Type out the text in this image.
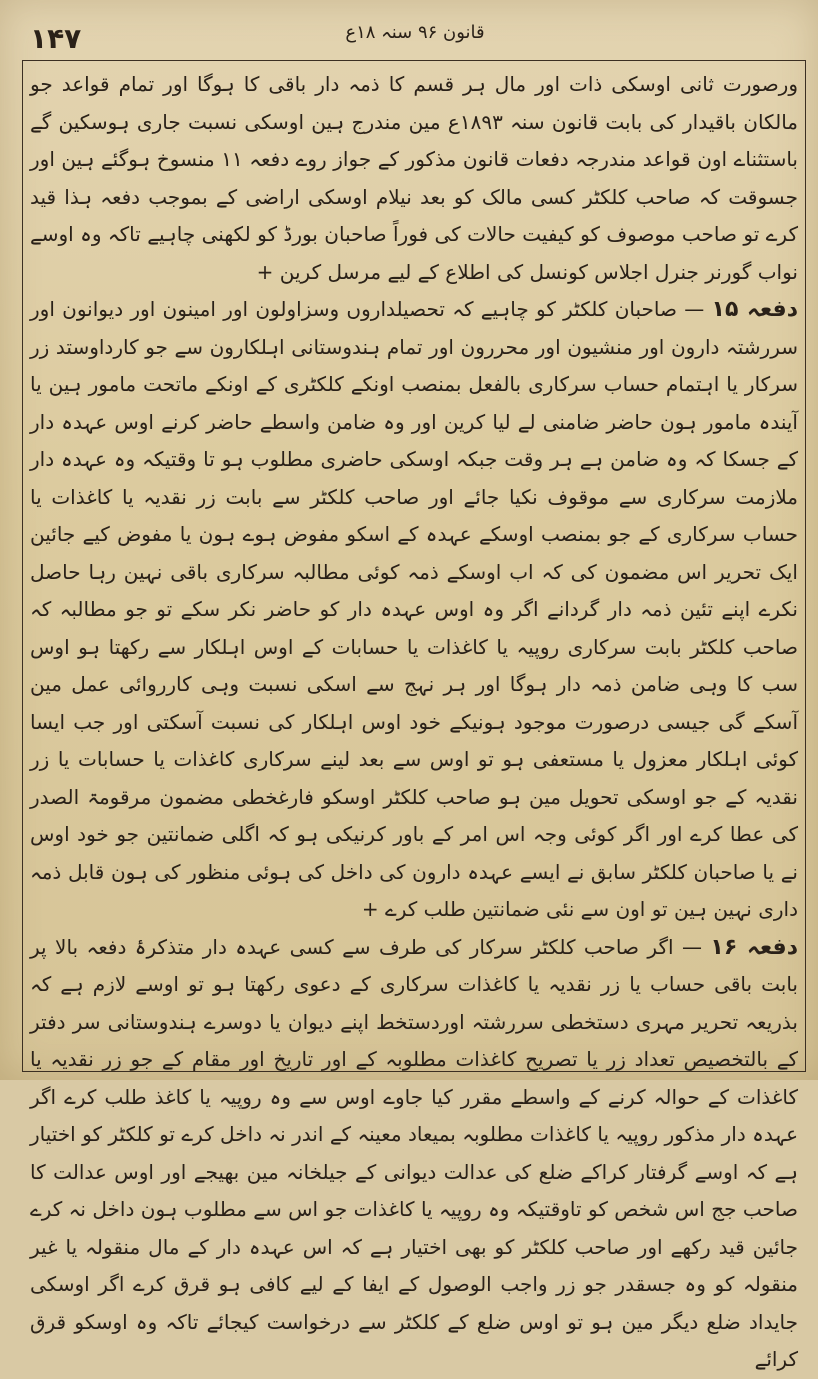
۱۴۷	قانون ۹۶ سنہ ۱۸ع

ورصورت ثانی اوسکی ذات اور مال ہر قسم کا ذمہ دار باقی کا ہوگا اور تمام قواعد جو مالکان باقیدار کی بابت قانون سنہ ۱۸۹۳ع مین مندرج ہین اوسکی نسبت جاری ہوسکین گے باستثناے اون قواعد مندرجہ دفعات قانون مذکور کے جواز روے دفعہ ۱۱ منسوخ ہوگئے ہین اور جسوقت کہ صاحب کلکٹر کسی مالک کو بعد نیلام اوسکی اراضی کے بموجب دفعہ ہذا قید کرے تو صاحب موصوف کو کیفیت حالات کی فوراً صاحبان بورڈ کو لکھنی چاہیے تاکہ وہ اوسے نواب گورنر جنرل اجلاس کونسل کی اطلاع کے لیے مرسل کرین +

دفعہ ۱۵ — صاحبان کلکٹر کو چاہیے کہ تحصیلداروں وسزاولون اور امینون اور دیوانون اور سررشتہ دارون اور منشیون اور محررون اور تمام ہندوستانی اہلکارون سے جو کارداوستد زر سرکار یا اہتمام حساب سرکاری بالفعل بمنصب اونکے کلکٹری کے اونکے ماتحت مامور ہین یا آیندہ مامور ہون حاضر ضامنی لے لیا کرین اور وہ ضامن واسطے حاضر کرنے اوس عہدہ دار کے جسکا کہ وہ ضامن ہے ہر وقت جبکہ اوسکی حاضری مطلوب ہو تا وقتیکہ وہ عہدہ دار ملازمت سرکاری سے موقوف نکیا جائے اور صاحب کلکٹر سے بابت زر نقدیہ یا کاغذات یا حساب سرکاری کے جو بمنصب اوسکے عہدہ کے اسکو مفوض ہوے ہون یا مفوض کیے جائین ایک تحریر اس مضمون کی کہ اب اوسکے ذمہ کوئی مطالبہ سرکاری باقی نہین رہا حاصل نکرے اپنے تئین ذمہ دار گردانے اگر وہ اوس عہدہ دار کو حاضر نکر سکے تو جو مطالبہ کہ صاحب کلکٹر بابت سرکاری روپیہ یا کاغذات یا حسابات کے اوس اہلکار سے رکھتا ہو اوس سب کا وہی ضامن ذمہ دار ہوگا اور ہر نہج سے اسکی نسبت وہی کارروائی عمل مین آسکے گی جیسی درصورت موجود ہونیکے خود اوس اہلکار کی نسبت آسکتی اور جب ایسا کوئی اہلکار معزول یا مستعفی ہو تو اوس سے بعد لینے سرکاری کاغذات یا حسابات یا زر نقدیہ کے جو اوسکی تحویل مین ہو صاحب کلکٹر اوسکو فارغخطی مضمون مرقومۃ الصدر کی عطا کرے اور اگر کوئی وجہ اس امر کے باور کرنیکی ہو کہ اگلی ضمانتین جو خود اوس نے یا صاحبان کلکٹر سابق نے ایسے عہدہ دارون کی داخل کی ہوئی منظور کی ہون قابل ذمہ داری نہین ہین تو اون سے نئی ضمانتین طلب کرے +

دفعہ ۱۶ — اگر صاحب کلکٹر سرکار کی طرف سے کسی عہدہ دار متذکرۂ دفعہ بالا پر بابت باقی حساب یا زر نقدیہ یا کاغذات سرکاری کے دعوی رکھتا ہو تو اوسے لازم ہے کہ بذریعہ تحریر مہری دستخطی سررشتہ اوردستخط اپنے دیوان یا دوسرے ہندوستانی سر دفتر کے بالتخصیص تعداد زر یا تصریح کاغذات مطلوبہ کے اور تاریخ اور مقام کے جو زر نقدیہ یا کاغذات کے حوالہ کرنے کے واسطے مقرر کیا جاوے اوس سے وہ روپیہ یا کاغذ طلب کرے اگر عہدہ دار مذکور روپیہ یا کاغذات مطلوبہ بمیعاد معینہ کے اندر نہ داخل کرے تو کلکٹر کو اختیار ہے کہ اوسے گرفتار کراکے ضلع کی عدالت دیوانی کے جیلخانہ مین بھیجے اور اوس عدالت کا صاحب جج اس شخص کو تاوقتیکہ وہ روپیہ یا کاغذات جو اس سے مطلوب ہون داخل نہ کرے جائین قید رکھے اور صاحب کلکٹر کو بھی اختیار ہے کہ اس عہدہ دار کے مال منقولہ یا غیر منقولہ کو وہ جسقدر جو زر واجب الوصول کے ایفا کے لیے کافی ہو قرق کرے اگر اوسکی جایداد ضلع دیگر مین ہو تو اوس ضلع کے کلکٹر سے درخواست کیجائے تاکہ وہ اوسکو قرق کرائے
